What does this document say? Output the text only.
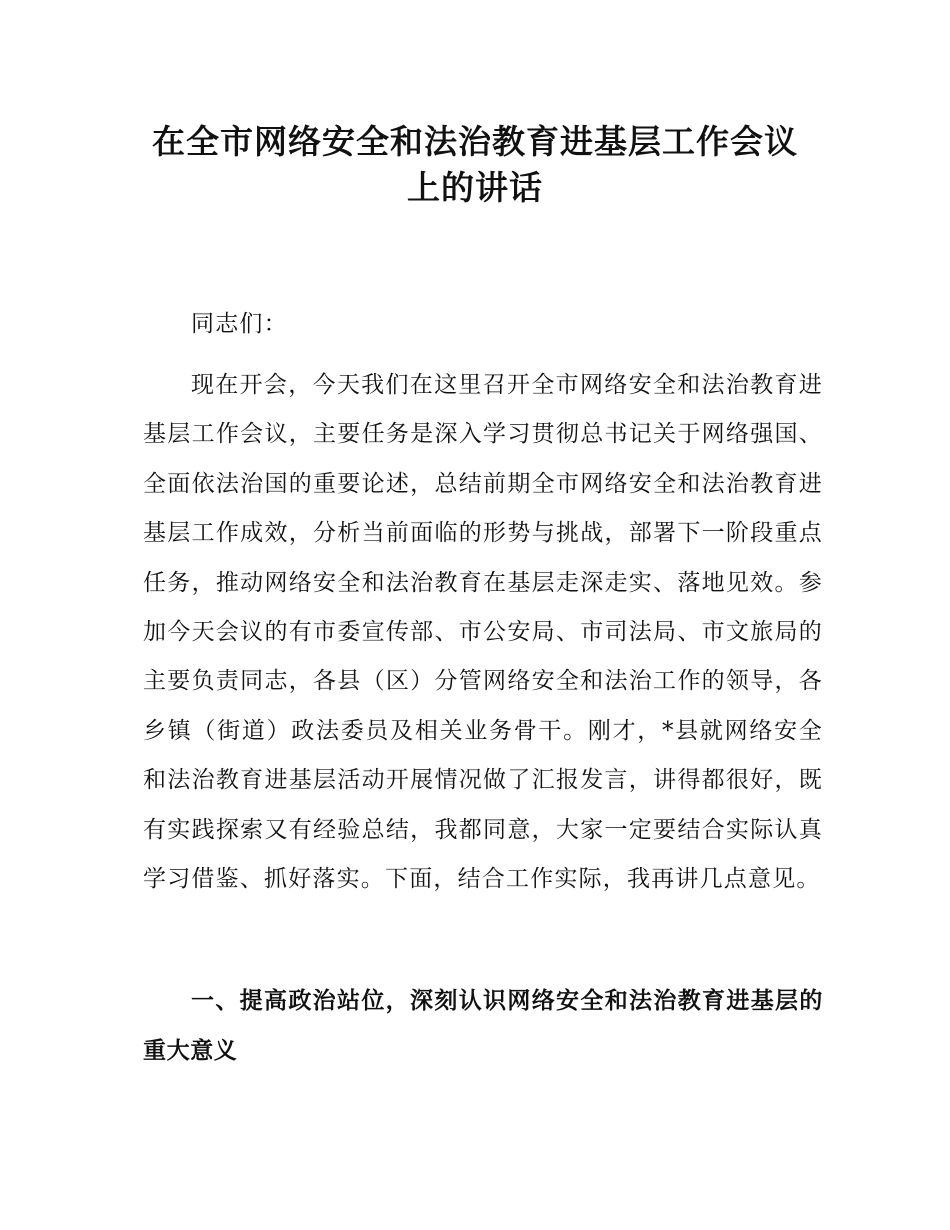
在全市网络安全和法治教育进基层工作会议
上的讲话

同志们：

现在开会，今天我们在这里召开全市网络安全和法治教育进基层工作会议，主要任务是深入学习贯彻总书记关于网络强国、全面依法治国的重要论述，总结前期全市网络安全和法治教育进基层工作成效，分析当前面临的形势与挑战，部署下一阶段重点任务，推动网络安全和法治教育在基层走深走实、落地见效。参加今天会议的有市委宣传部、市公安局、市司法局、市文旅局的主要负责同志，各县（区）分管网络安全和法治工作的领导，各乡镇（街道）政法委员及相关业务骨干。刚才，*县就网络安全和法治教育进基层活动开展情况做了汇报发言，讲得都很好，既有实践探索又有经验总结，我都同意，大家一定要结合实际认真学习借鉴、抓好落实。下面，结合工作实际，我再讲几点意见。

一、提高政治站位，深刻认识网络安全和法治教育进基层的重大意义
